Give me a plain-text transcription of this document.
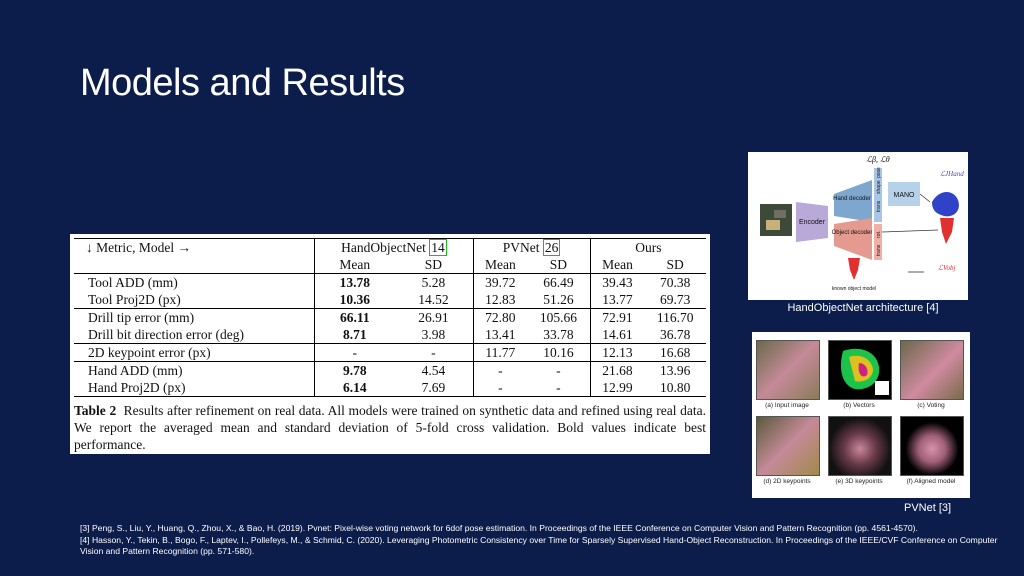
Models and Results
↓ Metric, Model →	HandObjectNet 14		PVNet 26		Ours	
	Mean	SD	Mean	SD	Mean	SD
Tool ADD (mm)	13.78	5.28	39.72	66.49	39.43	70.38
Tool Proj2D (px)	10.36	14.52	12.83	51.26	13.77	69.73
Drill tip error (mm)	66.11	26.91	72.80	105.66	72.91	116.70
Drill bit direction error (deg)	8.71	3.98	13.41	33.78	14.61	36.78
2D keypoint error (px)	-	-	11.77	10.16	12.13	16.68
Hand ADD (mm)	9.78	4.54	-	-	21.68	13.96
Hand Proj2D (px)	6.14	7.69	-	-	12.99	10.80
Table 2 Results after refinement on real data. All models were trained on synthetic data and refined using real data. We report the averaged mean and standard deviation of 5-fold cross validation. Bold values indicate best performance.
Encoder
Hand decoder
Object decoder
trans
shape
pose
trans
rot.
MANO
ℒβ, ℒθ
ℒJHand
ℒVobj
known object model
HandObjectNet architecture [4]
(a) Input image	(b) Vectors	(c) Voting
(d) 2D keypoints	(e) 3D keypoints	(f) Aligned model
PVNet [3]
[3] Peng, S., Liu, Y., Huang, Q., Zhou, X., & Bao, H. (2019). Pvnet: Pixel-wise voting network for 6dof pose estimation. In Proceedings of the IEEE Conference on Computer Vision and Pattern Recognition (pp. 4561-4570).
[4] Hasson, Y., Tekin, B., Bogo, F., Laptev, I., Pollefeys, M., & Schmid, C. (2020). Leveraging Photometric Consistency over Time for Sparsely Supervised Hand-Object Reconstruction. In Proceedings of the IEEE/CVF Conference on Computer Vision and Pattern Recognition (pp. 571-580).
